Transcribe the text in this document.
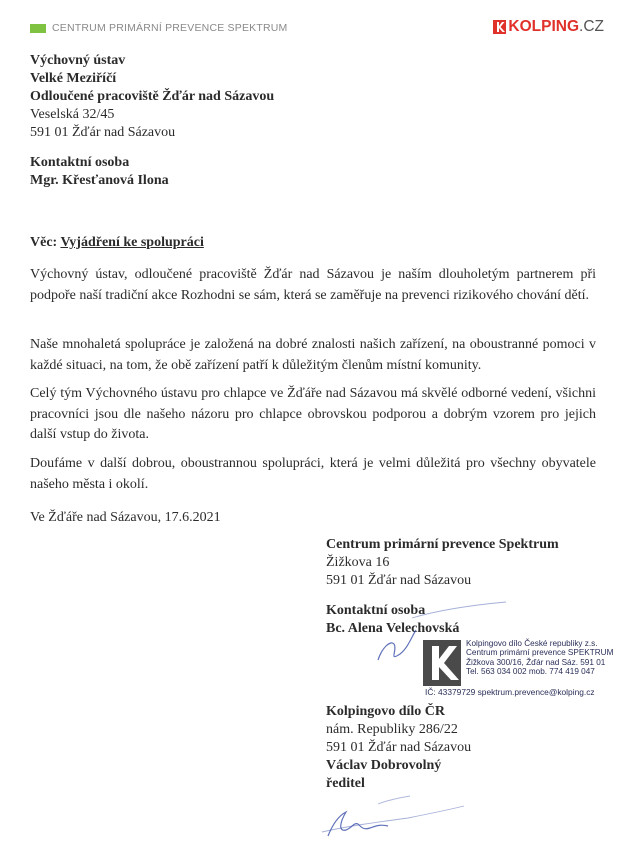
CENTRUM PRIMÁRNÍ PREVENCE SPEKTRUM	KOLPING .CZ
Výchovný ústav
Velké Meziříčí
Odloučené pracoviště Žďár nad Sázavou
Veselská 32/45
591 01 Žďár nad Sázavou
Kontaktní osoba
Mgr. Křesťanová Ilona
Věc: Vyjádření ke spolupráci
Výchovný ústav, odloučené pracoviště Žďár nad Sázavou je naším dlouholetým partnerem při podpoře naší tradiční akce Rozhodni se sám, která se zaměřuje na prevenci rizikového chování dětí.
Naše mnohaletá spolupráce je založená na dobré znalosti našich zařízení, na oboustranné pomoci v každé situaci, na tom, že obě zařízení patří k důležitým členům místní komunity.
Celý tým Výchovného ústavu pro chlapce ve Žďáře nad Sázavou má skvělé odborné vedení, všichni pracovníci jsou dle našeho názoru pro chlapce obrovskou podporou a dobrým vzorem pro jejich další vstup do života.
Doufáme v další dobrou, oboustrannou spolupráci, která je velmi důležitá pro všechny obyvatele našeho města i okolí.
Ve Žďáře nad Sázavou, 17.6.2021
Centrum primární prevence Spektrum
Žižkova 16
591 01 Žďár nad Sázavou
Kontaktní osoba
Bc. Alena Velechovská
Kolpingovo dílo České republiky z.s.
Centrum primární prevence SPEKTRUM
Žižkova 300/16, Žďár nad Sáz. 591 01
Tel. 563 034 002 mob. 774 419 047
IČ: 43379729 spektrum.prevence@kolping.cz
Kolpingovo dílo ČR
nám. Republiky 286/22
591 01 Žďár nad Sázavou
Václav Dobrovolný
ředitel
